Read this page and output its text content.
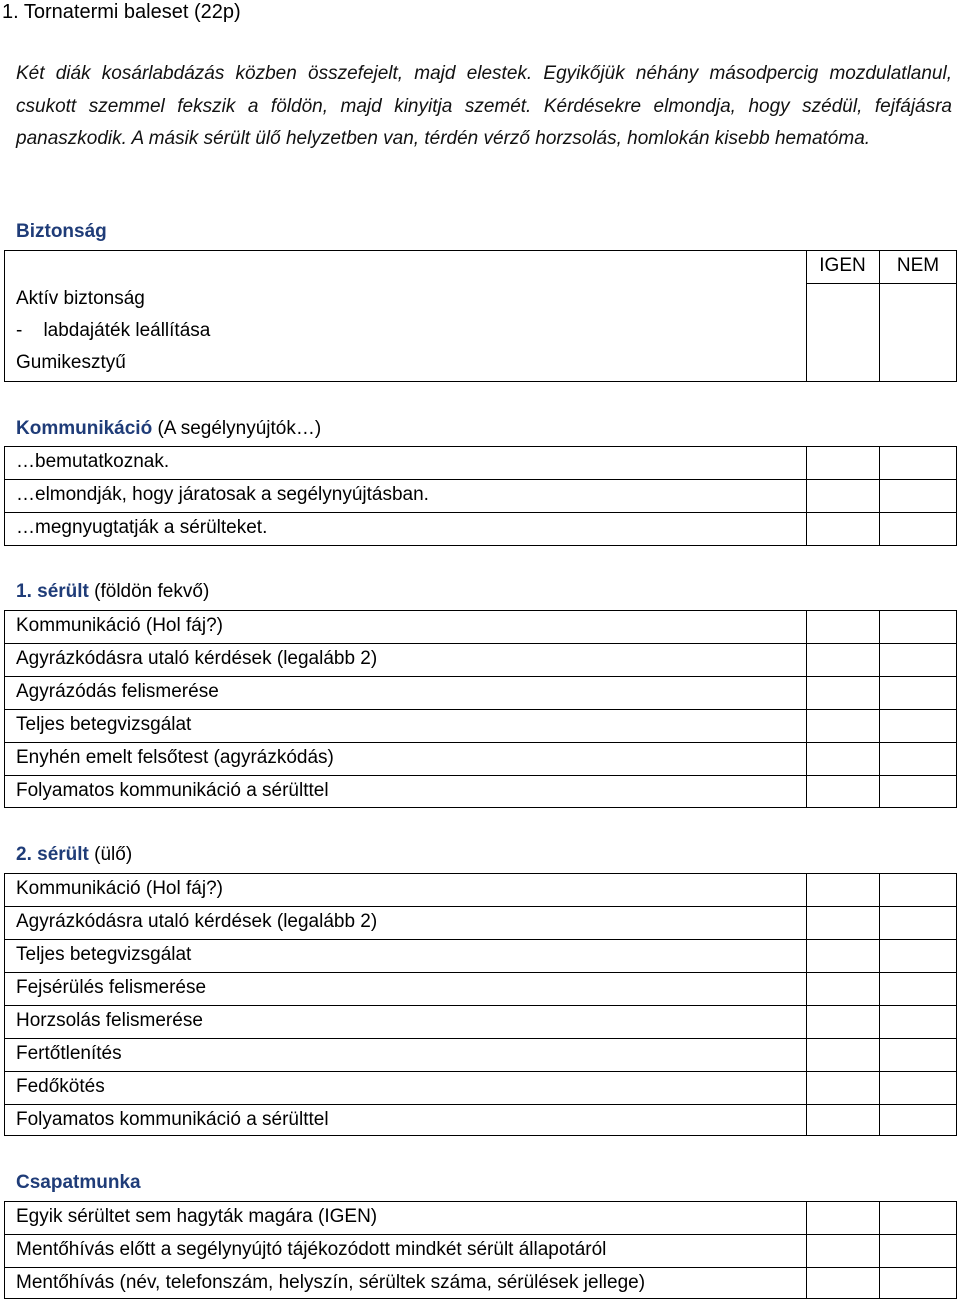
1. Tornatermi baleset (22p)
Két diák kosárlabdázás közben összefejelt, majd elestek. Egyikőjük néhány másodpercig mozdulatlanul, csukott szemmel fekszik a földön, majd kinyitja szemét. Kérdésekre elmondja, hogy szédül, fejfájásra panaszkodik. A másik sérült ülő helyzetben van, térdén vérző horzsolás, homlokán kisebb hematóma.
Biztonság
IGEN	NEM
Aktív biztonság
-    labdajáték leállítása
Gumikesztyű
Kommunikáció (A segélynyújtók…)
…bemutatkoznak.
…elmondják, hogy járatosak a segélynyújtásban.
…megnyugtatják a sérülteket.
1. sérült (földön fekvő)
Kommunikáció (Hol fáj?)
Agyrázkódásra utaló kérdések (legalább 2)
Agyrázódás felismerése
Teljes betegvizsgálat
Enyhén emelt felsőtest (agyrázkódás)
Folyamatos kommunikáció a sérülttel
2. sérült (ülő)
Kommunikáció (Hol fáj?)
Agyrázkódásra utaló kérdések (legalább 2)
Teljes betegvizsgálat
Fejsérülés felismerése
Horzsolás felismerése
Fertőtlenítés
Fedőkötés
Folyamatos kommunikáció a sérülttel
Csapatmunka
Egyik sérültet sem hagyták magára (IGEN)
Mentőhívás előtt a segélynyújtó tájékozódott mindkét sérült állapotáról
Mentőhívás (név, telefonszám, helyszín, sérültek száma, sérülések jellege)
